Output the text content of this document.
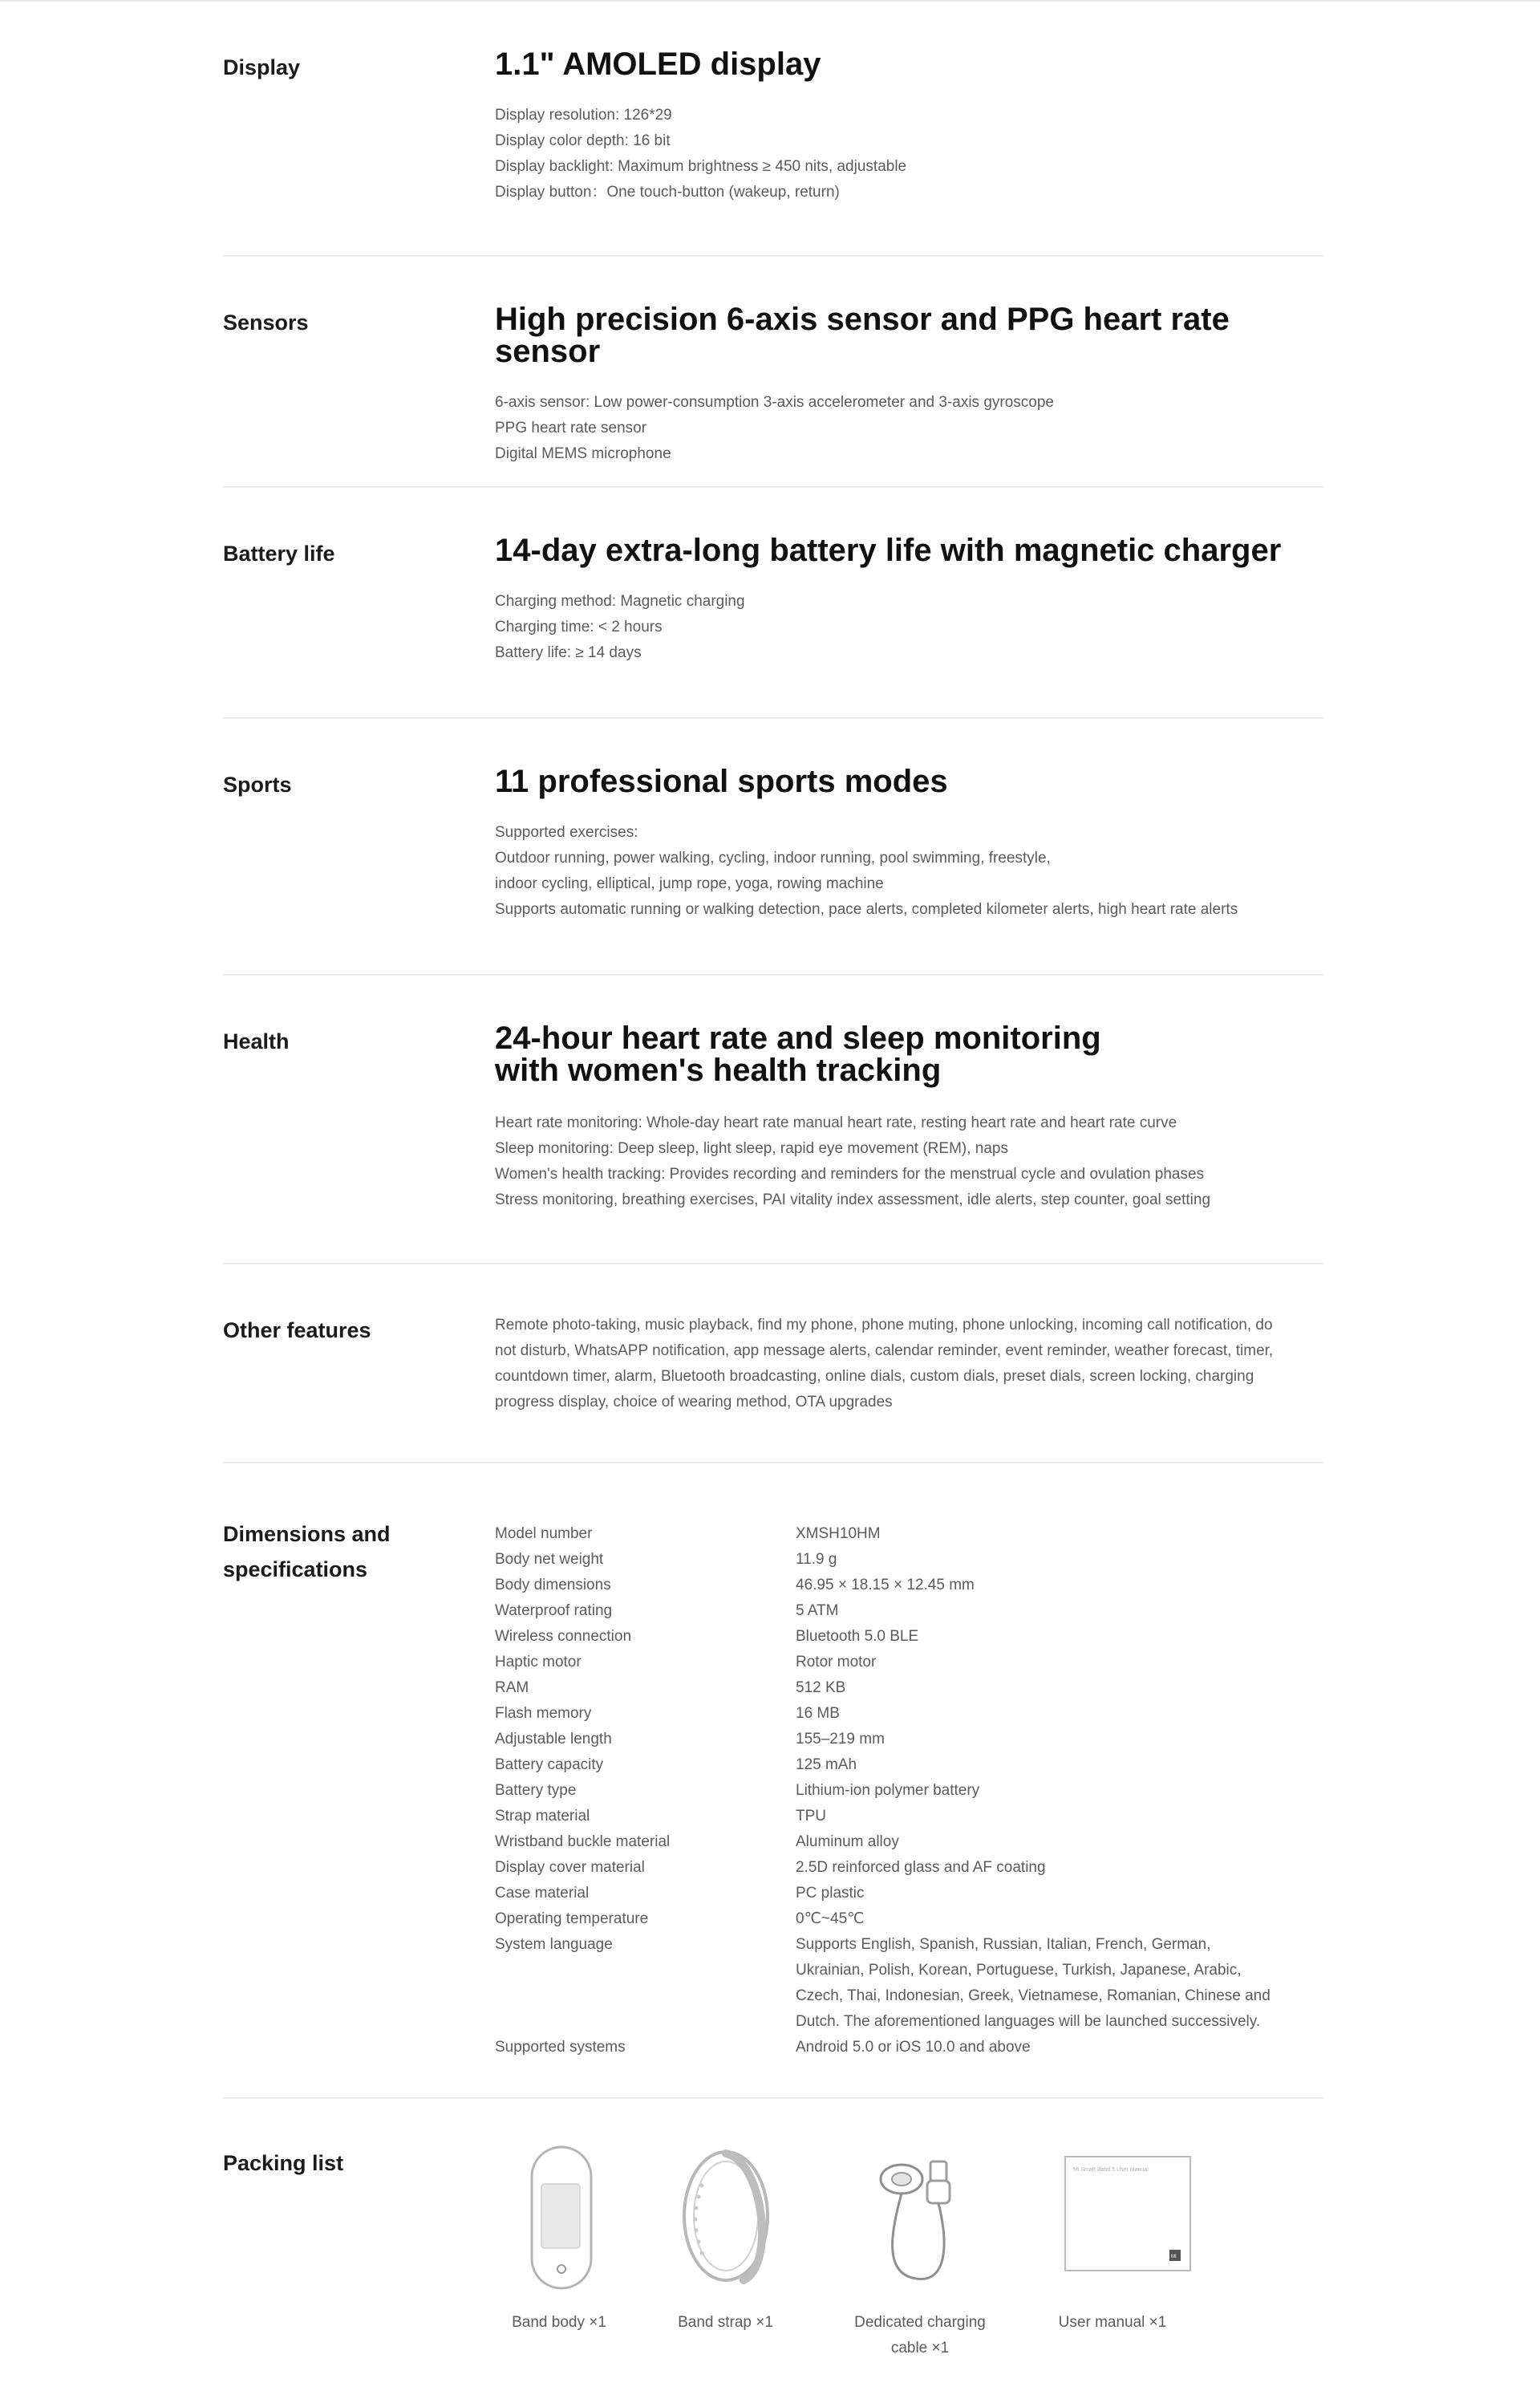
Display	1.1" AMOLED display
Display resolution: 126*29
Display color depth: 16 bit
Display backlight: Maximum brightness ≥ 450 nits, adjustable
Display button：One touch-button (wakeup, return)
Sensors	High precision 6-axis sensor and PPG heart rate sensor
6-axis sensor: Low power-consumption 3-axis accelerometer and 3-axis gyroscope
PPG heart rate sensor
Digital MEMS microphone
Battery life	14-day extra-long battery life with magnetic charger
Charging method: Magnetic charging
Charging time: < 2 hours
Battery life: ≥ 14 days
Sports	11 professional sports modes
Supported exercises:
Outdoor running, power walking, cycling, indoor running, pool swimming, freestyle,
indoor cycling, elliptical, jump rope, yoga, rowing machine
Supports automatic running or walking detection, pace alerts, completed kilometer alerts, high heart rate alerts
Health	24-hour heart rate and sleep monitoring
with women's health tracking
Heart rate monitoring: Whole-day heart rate manual heart rate, resting heart rate and heart rate curve
Sleep monitoring: Deep sleep, light sleep, rapid eye movement (REM), naps
Women's health tracking: Provides recording and reminders for the menstrual cycle and ovulation phases
Stress monitoring, breathing exercises, PAI vitality index assessment, idle alerts, step counter, goal setting
Other features	Remote photo-taking, music playback, find my phone, phone muting, phone unlocking, incoming call notification, do not disturb, WhatsAPP notification, app message alerts, calendar reminder, event reminder, weather forecast, timer, countdown timer, alarm, Bluetooth broadcasting, online dials, custom dials, preset dials, screen locking, charging progress display, choice of wearing method, OTA upgrades
Dimensions and
specifications
Model number	XMSH10HM
Body net weight	11.9 g
Body dimensions	46.95 × 18.15 × 12.45 mm
Waterproof rating	5 ATM
Wireless connection	Bluetooth 5.0 BLE
Haptic motor	Rotor motor
RAM	512 KB
Flash memory	16 MB
Adjustable length	155–219 mm
Battery capacity	125 mAh
Battery type	Lithium-ion polymer battery
Strap material	TPU
Wristband buckle material	Aluminum alloy
Display cover material	2.5D reinforced glass and AF coating
Case material	PC plastic
Operating temperature	0℃~45℃
System language	Supports English, Spanish, Russian, Italian, French, German, Ukrainian, Polish, Korean, Portuguese, Turkish, Japanese, Arabic, Czech, Thai, Indonesian, Greek, Vietnamese, Romanian, Chinese and Dutch. The aforementioned languages will be launched successively.
Supported systems	Android 5.0 or iOS 10.0 and above
Packing list
Band body ×1	Band strap ×1	Dedicated charging cable ×1
Mi Smart Band 5 User Manual
MI
User manual ×1
